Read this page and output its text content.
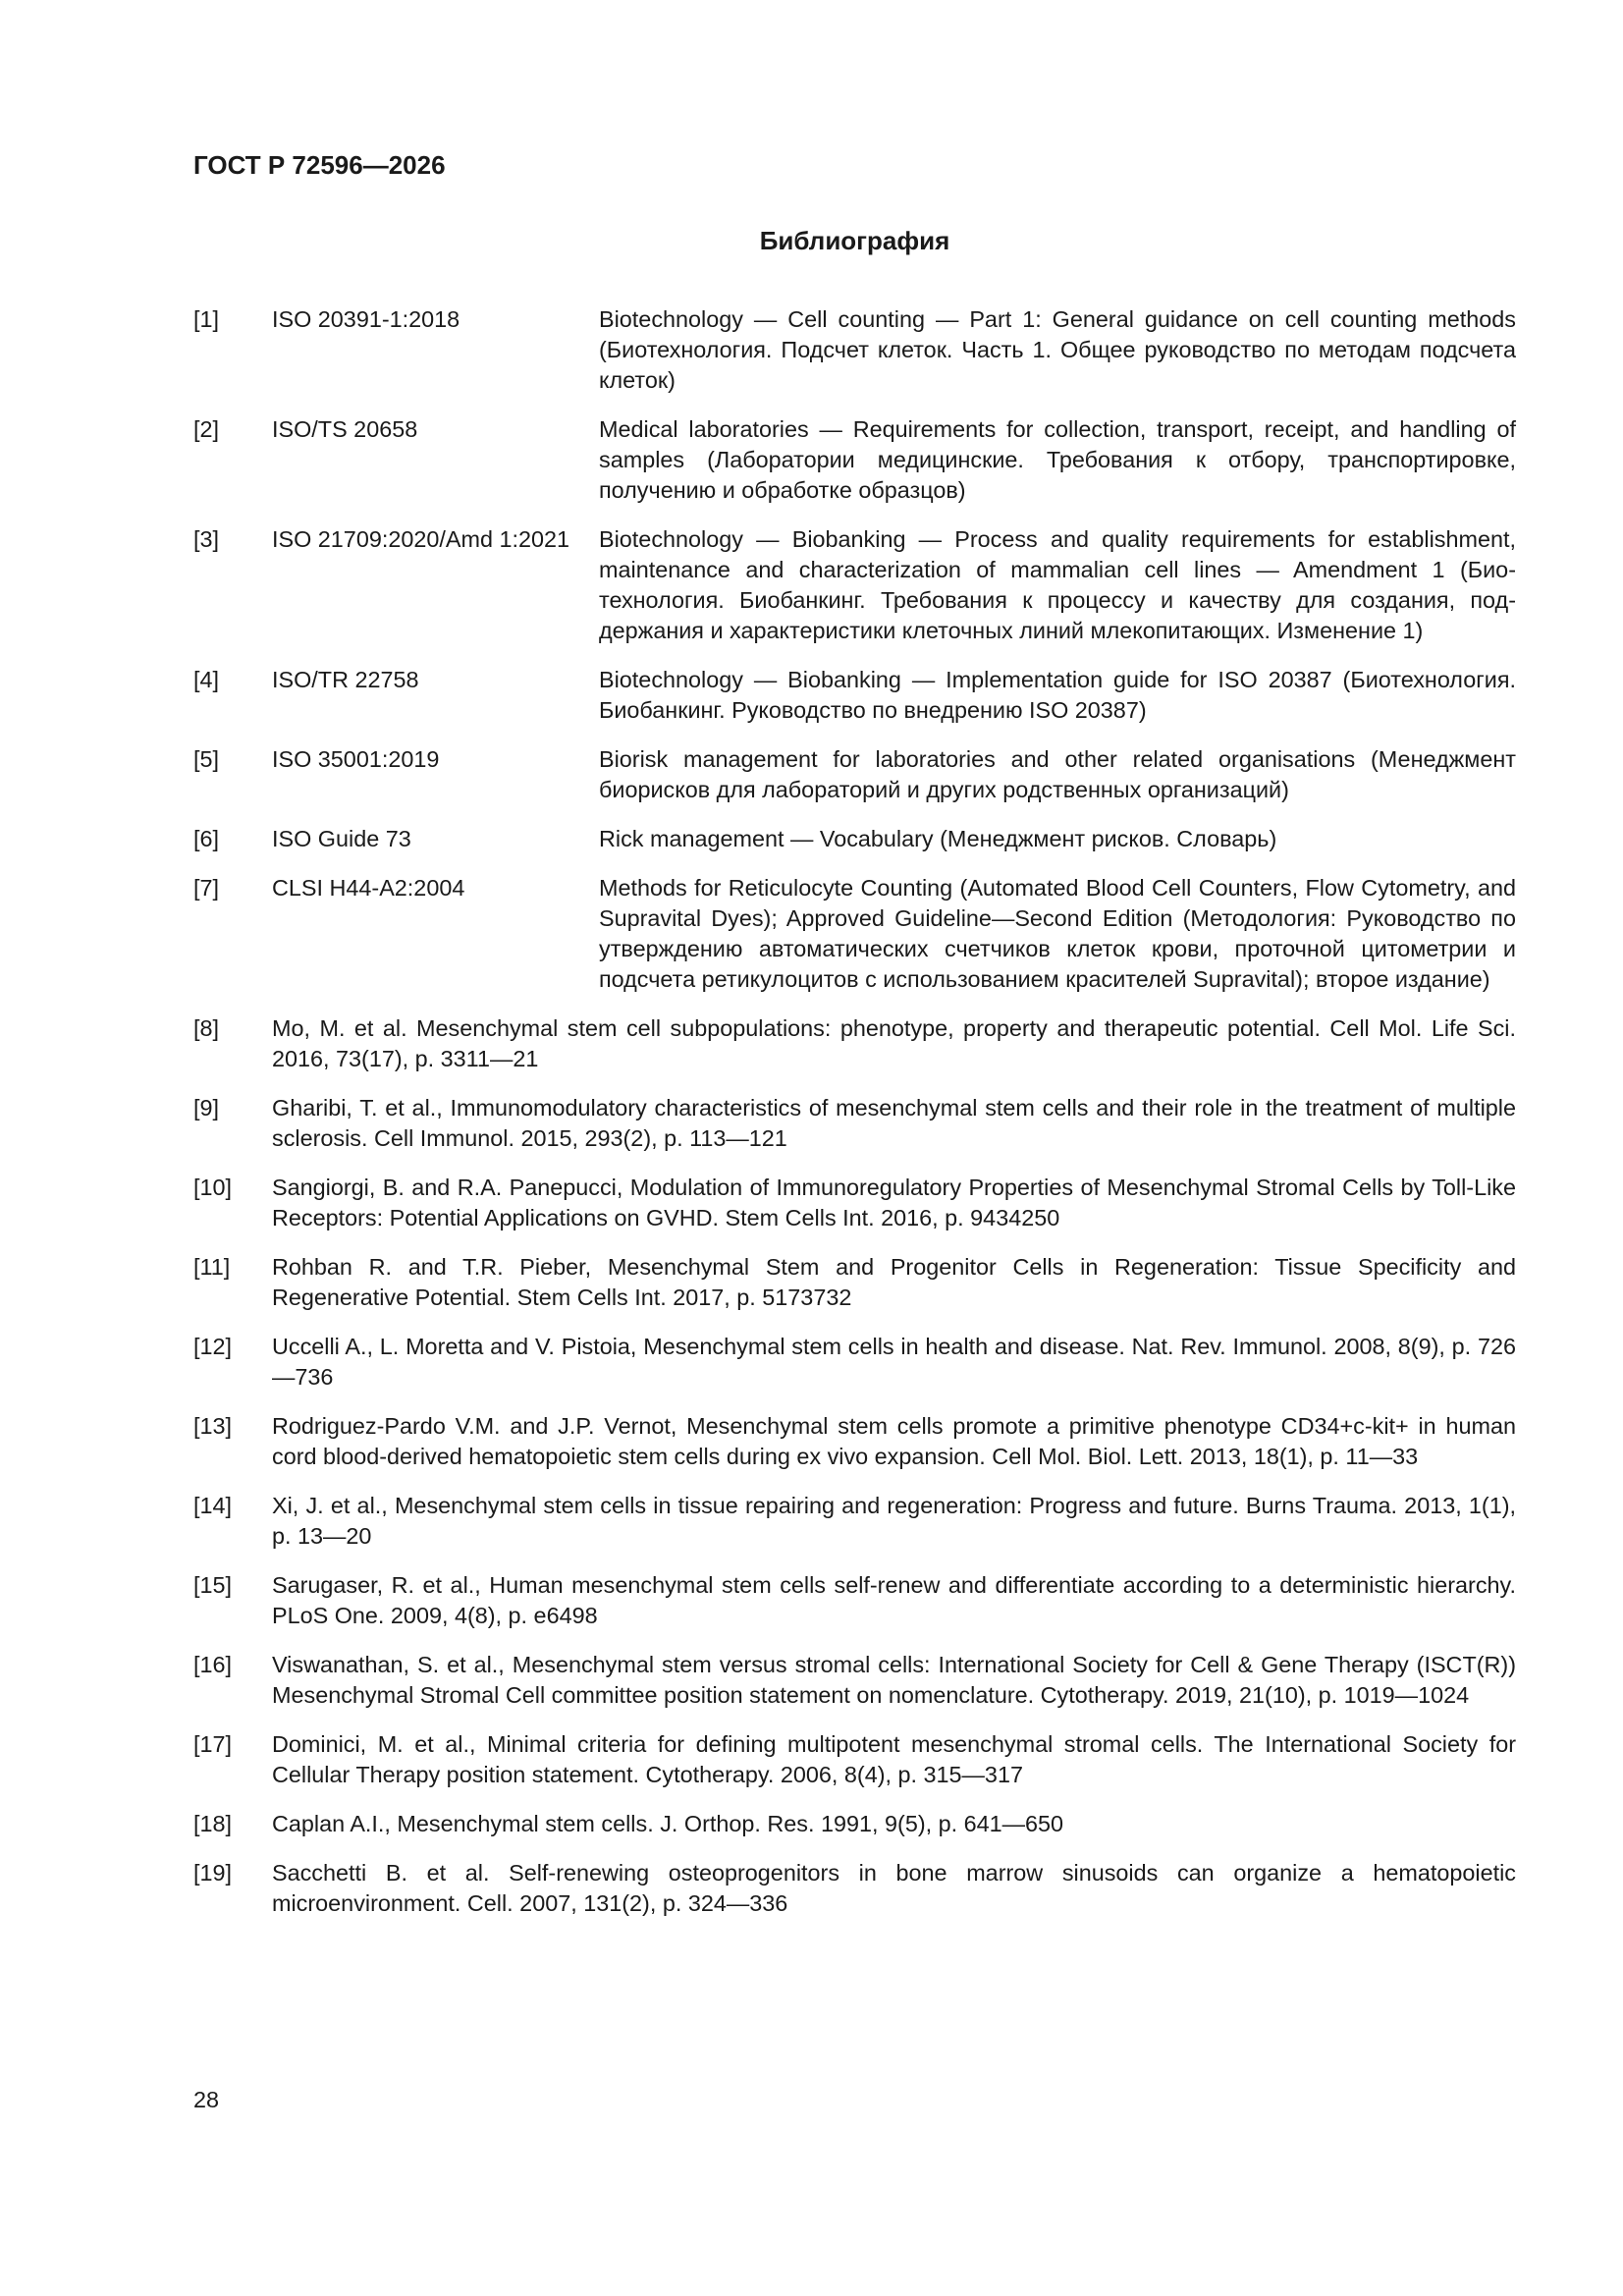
ГОСТ Р 72596—2026
Библиография
[1]	ISO 20391-1:2018	Biotechnology — Cell counting — Part 1: General guidance on cell counting methods (Биотехнология. Подсчет клеток. Часть 1. Общее руководство по методам подсчета клеток)
[2]	ISO/TS 20658	Medical laboratories — Requirements for collection, transport, receipt, and handling of samples (Лаборатории медицинские. Требования к отбору, транспортировке, получению и обработке образцов)
[3]	ISO 21709:2020/Amd 1:2021	Biotechnology — Biobanking — Process and quality requirements for establishment, maintenance and characterization of mammalian cell lines — Amendment 1 (Биотехнология. Биобанкинг. Требования к процессу и качеству для создания, поддержания и характеристики клеточных линий млекопитающих. Изменение 1)
[4]	ISO/TR 22758	Biotechnology — Biobanking — Implementation guide for ISO 20387 (Биотехнология. Биобанкинг. Руководство по внедрению ISO 20387)
[5]	ISO 35001:2019	Biorisk management for laboratories and other related organisations (Менеджмент биорисков для лабораторий и других родственных организаций)
[6]	ISO Guide 73	Rick management — Vocabulary (Менеджмент рисков. Словарь)
[7]	CLSI H44-A2:2004	Methods for Reticulocyte Counting (Automated Blood Cell Counters, Flow Cytometry, and Supravital Dyes); Approved Guideline—Second Edition (Методология: Руководство по утверждению автоматических счетчиков клеток крови, проточной цитометрии и подсчета ретикулоцитов с использованием красителей Supravital); второе издание)
[8]	Mo, M. et al. Mesenchymal stem cell subpopulations: phenotype, property and therapeutic potential. Cell Mol. Life Sci. 2016, 73(17), p. 3311—21
[9]	Gharibi, T. et al., Immunomodulatory characteristics of mesenchymal stem cells and their role in the treatment of multiple sclerosis. Cell Immunol. 2015, 293(2), p. 113—121
[10]	Sangiorgi, B. and R.A. Panepucci, Modulation of Immunoregulatory Properties of Mesenchymal Stromal Cells by Toll-Like Receptors: Potential Applications on GVHD. Stem Cells Int. 2016, p. 9434250
[11]	Rohban R. and T.R. Pieber, Mesenchymal Stem and Progenitor Cells in Regeneration: Tissue Specificity and Regenerative Potential. Stem Cells Int. 2017, p. 5173732
[12]	Uccelli A., L. Moretta and V. Pistoia, Mesenchymal stem cells in health and disease. Nat. Rev. Immunol. 2008, 8(9), p. 726—736
[13]	Rodriguez-Pardo V.M. and J.P. Vernot, Mesenchymal stem cells promote a primitive phenotype CD34+c-kit+ in human cord blood-derived hematopoietic stem cells during ex vivo expansion. Cell Mol. Biol. Lett. 2013, 18(1), p. 11—33
[14]	Xi, J. et al., Mesenchymal stem cells in tissue repairing and regeneration: Progress and future. Burns Trauma. 2013, 1(1), p. 13—20
[15]	Sarugaser, R. et al., Human mesenchymal stem cells self-renew and differentiate according to a deterministic hierarchy. PLoS One. 2009, 4(8), p. e6498
[16]	Viswanathan, S. et al., Mesenchymal stem versus stromal cells: International Society for Cell & Gene Therapy (ISCT(R)) Mesenchymal Stromal Cell committee position statement on nomenclature. Cytotherapy. 2019, 21(10), p. 1019—1024
[17]	Dominici, M. et al., Minimal criteria for defining multipotent mesenchymal stromal cells. The International Society for Cellular Therapy position statement. Cytotherapy. 2006, 8(4), p. 315—317
[18]	Caplan A.I., Mesenchymal stem cells. J. Orthop. Res. 1991, 9(5), p. 641—650
[19]	Sacchetti B. et al. Self-renewing osteoprogenitors in bone marrow sinusoids can organize a hematopoietic microenvironment. Cell. 2007, 131(2), p. 324—336
28
